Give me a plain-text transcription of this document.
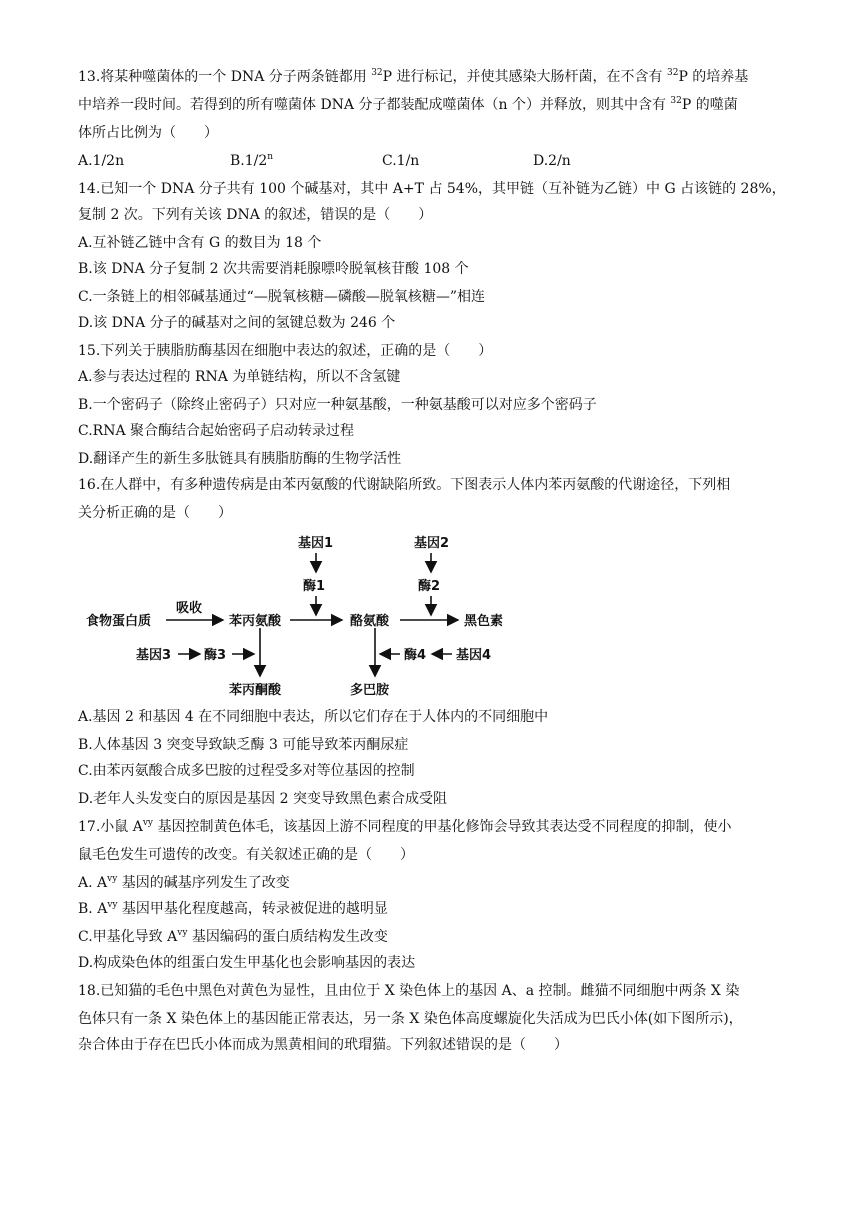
13.将某种噬菌体的一个 DNA 分子两条链都用 $^{32}$P 进行标记，并使其感染大肠杆菌，在不含有 $^{32}$P 的培养基
中培养一段时间。若得到的所有噬菌体 DNA 分子都装配成噬菌体（n 个）并释放，则其中含有 $^{32}$P 的噬菌
体所占比例为（　　）
A.1/2n	B.1/2$^n$	C.1/n	D.2/n
14.已知一个 DNA 分子共有 100 个碱基对，其中 A+T 占 54%，其甲链（互补链为乙链）中 G 占该链的 28%，
复制 2 次。下列有关该 DNA 的叙述，错误的是（　　）
A.互补链乙链中含有 G 的数目为 18 个
B.该 DNA 分子复制 2 次共需要消耗腺嘌呤脱氧核苷酸 108 个
C.一条链上的相邻碱基通过“—脱氧核糖—磷酸—脱氧核糖—”相连
D.该 DNA 分子的碱基对之间的氢键总数为 246 个
15.下列关于胰脂肪酶基因在细胞中表达的叙述，正确的是（　　）
A.参与表达过程的 RNA 为单链结构，所以不含氢键
B.一个密码子（除终止密码子）只对应一种氨基酸，一种氨基酸可以对应多个密码子
C.RNA 聚合酶结合起始密码子启动转录过程
D.翻译产生的新生多肽链具有胰脂肪酶的生物学活性
16.在人群中，有多种遗传病是由苯丙氨酸的代谢缺陷所致。下图表示人体内苯丙氨酸的代谢途径，下列相
关分析正确的是（　　）
食物蛋白质
吸收
苯丙氨酸	酪氨酸	黑色素
基因1
酶1
基因2
酶2
基因3	酶3
苯丙酮酸	多巴胺
酶4 基因4
A.基因 2 和基因 4 在不同细胞中表达，所以它们存在于人体内的不同细胞中
B.人体基因 3 突变导致缺乏酶 3 可能导致苯丙酮尿症
C.由苯丙氨酸合成多巴胺的过程受多对等位基因的控制
D.老年人头发变白的原因是基因 2 突变导致黑色素合成受阻
17.小鼠 $A^{vy}$ 基因控制黄色体毛，该基因上游不同程度的甲基化修饰会导致其表达受不同程度的抑制，使小
鼠毛色发生可遗传的改变。有关叙述正确的是（　　）
A. $A^{vy}$ 基因的碱基序列发生了改变
B. $A^{vy}$ 基因甲基化程度越高，转录被促进的越明显
C.甲基化导致 $A^{vy}$ 基因编码的蛋白质结构发生改变
D.构成染色体的组蛋白发生甲基化也会影响基因的表达
18.已知猫的毛色中黑色对黄色为显性，且由位于 X 染色体上的基因 A、a 控制。雌猫不同细胞中两条 X 染
色体只有一条 X 染色体上的基因能正常表达，另一条 X 染色体高度螺旋化失活成为巴氏小体(如下图所示)，
杂合体由于存在巴氏小体而成为黑黄相间的玳瑁猫。下列叙述错误的是（　　）
